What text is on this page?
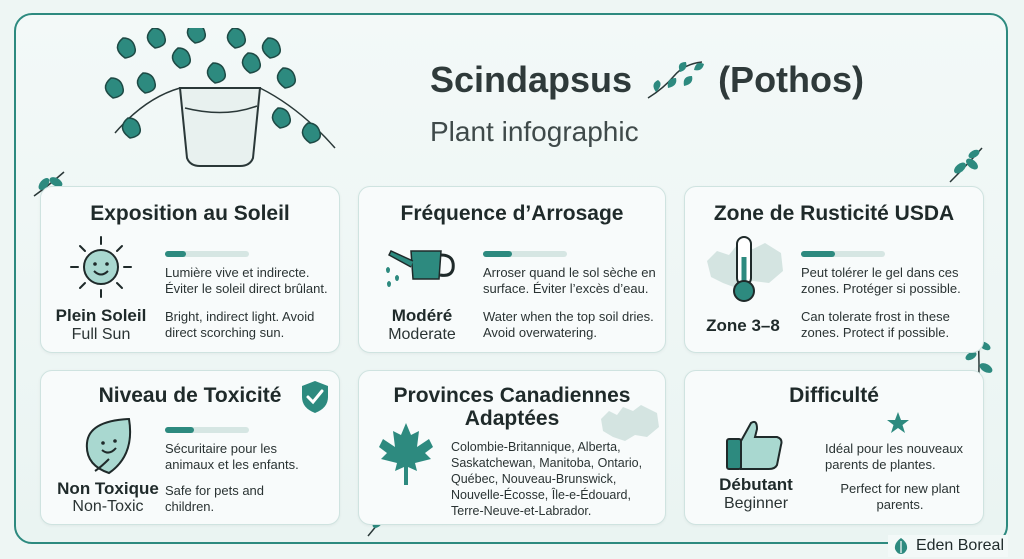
Scindapsus (Pothos)
Plant infographic
Exposition au Soleil
Plein Soleil
Full Sun
Lumière vive et indirecte. Éviter le soleil direct brûlant.
Bright, indirect light. Avoid direct scorching sun.
Fréquence d’Arrosage
Modéré
Moderate
Arroser quand le sol sèche en surface. Éviter l’excès d’eau.
Water when the top soil dries. Avoid overwatering.
Zone de Rusticité USDA
Zone 3–8
Peut tolérer le gel dans ces zones. Protéger si possible.
Can tolerate frost in these zones. Protect if possible.
Niveau de Toxicité
Non Toxique
Non-Toxic
Sécuritaire pour les animaux et les enfants.
Safe for pets and children.
Provinces Canadiennes
Adaptées
Colombie-Britannique, Alberta, Saskatchewan, Manitoba, Ontario, Québec, Nouveau-Brunswick, Nouvelle-Écosse, Île-e-Édouard, Terre-Neuve-et-Labrador.
Difficulté
Débutant
Beginner
Idéal pour les nouveaux parents de plantes.
Perfect for new plant parents.
Eden Boreal
